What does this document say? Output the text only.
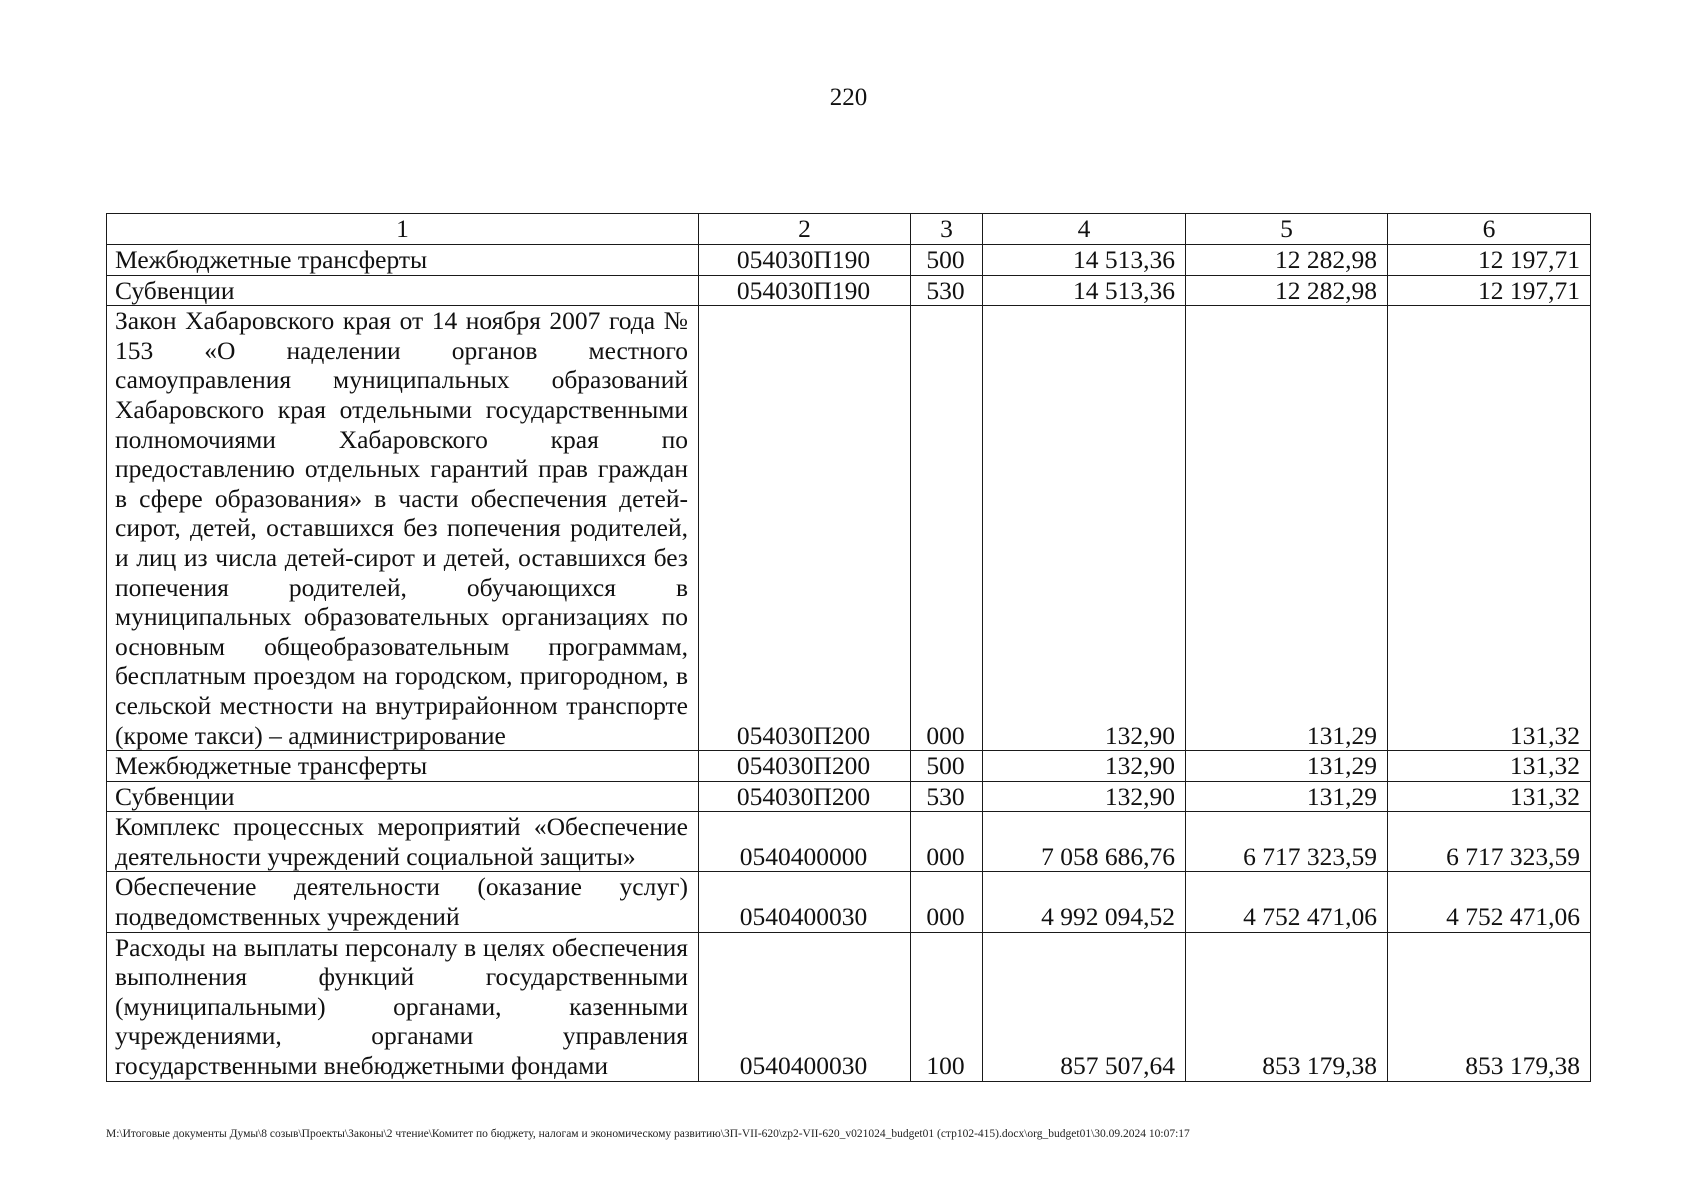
220
1	2	3	4	5	6
Межбюджетные трансферты	054030П190	500	14 513,36	12 282,98	12 197,71
Субвенции	054030П190	530	14 513,36	12 282,98	12 197,71
Закон Хабаровского края от 14 ноября 2007 года № 153 «О наделении органов местного самоуправления муниципальных образований Хабаровского края отдельными государственными полномочиями Хабаровского края по предоставлению отдельных гарантий прав граждан в сфере образования» в части обеспечения детей-сирот, детей, оставшихся без попечения родителей, и лиц из числа детей-сирот и детей, оставшихся без попечения родителей, обучающихся в муниципальных образовательных организациях по основным общеобразовательным программам, бесплатным проездом на городском, пригородном, в сельской местности на внутрирайонном транспорте (кроме такси) – администрирование	054030П200	000	132,90	131,29	131,32
Межбюджетные трансферты	054030П200	500	132,90	131,29	131,32
Субвенции	054030П200	530	132,90	131,29	131,32
Комплекс процессных мероприятий «Обеспечение деятельности учреждений социальной защиты»	0540400000	000	7 058 686,76	6 717 323,59	6 717 323,59
Обеспечение деятельности (оказание услуг) подведомственных учреждений	0540400030	000	4 992 094,52	4 752 471,06	4 752 471,06
Расходы на выплаты персоналу в целях обеспечения выполнения функций государственными (муниципальными) органами, казенными учреждениями, органами управления государственными внебюджетными фондами	0540400030	100	857 507,64	853 179,38	853 179,38
M:\Итоговые документы Думы\8 созыв\Проекты\Законы\2 чтение\Комитет по бюджету, налогам и экономическому развитию\ЗП-VII-620\zp2-VII-620_v021024_budget01 (стр102-415).docx\org_budget01\30.09.2024 10:07:17
